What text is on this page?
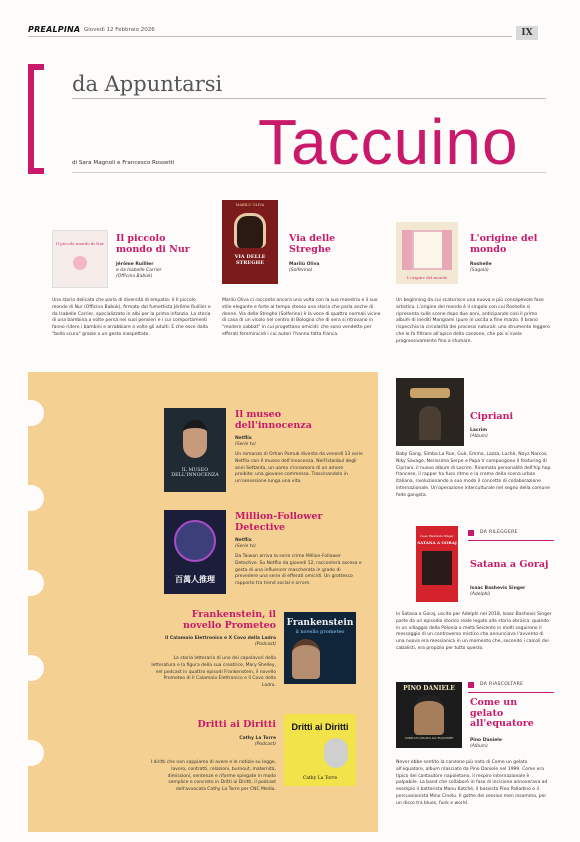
PREALPINA Giovedì 12 Febbraio 2026	IX
da Appuntarsi
di Sara Magnoli e Francesco Rossetti Taccuino
Il piccolo mondo di Nur	Il piccolo mondo di Nur
Jérôme Ruillier
e da Isabelle Carrier
(Officina Babùk)
Una storia delicata che parla di diversità di empatia: è Il piccolo mondo di Nur (Officina Babùk), firmato dal fumettista Jérôme Ruillier e da Isabelle Carrier, specializzato in albi per la prima infanzia. La storia di una bambina a volte persa nei suoi pensieri e i cui comportamenti fanno ridere i bambini e arrabbiare a volte gli adulti. E che esce dalla "bolla scura" grazie a un gesto inaspettato.
MARILÙ OLIVA
VIA DELLE STREGHE
Via delle Streghe
Marilù Oliva
(Solferino)
Marilù Oliva ci racconta ancora una volta con la sua maestria e il suo stile elegante e forte al tempo stesso una storia che parla anche di donne. Via delle Streghe (Solferino) è la voce di quattro normali vicine di casa di un vicolo nel centro di Bologna che di sera si ritrovano in "modern sabbat" in cui progettano omicidi: che sono vendette per efferati femminicidi i cui autori l'hanno fatta franca.
L'origine del mondo
L'origine del mondo
Roshelle
(Sagola)
Un beginning da cui scaturisce una nuova e più consapevole fase artistica. L'origine del mondo è il singolo con cui Roshelle si ripresenta sulle scene dopo due anni, anticipando così il primo album di inediti Mangiami (pure in uscita a fine marzo. Il brano rispecchia la circolarità dei processi naturali: uno strumento leggero che lo fa filtrare all'apice della canzone, che poi si svela progressivamente fino a sfumare.
IL MUSEO DELL'INNOCENZA
Il museo dell'innocenza
Netflix
(Serie tv)
Un romanzo di Orhan Pamuk diventa da venerdì 13 serie Netflix con Il museo dell'innocenza. Nell'Istanbul degli anni Settanta, un uomo s'innamora di un amore proibito: una giovane commessa. Trascinandolo in un'ossessione lunga una vita.
百萬人推理
Million-Follower Detective
Netflix
(Serie tv)
Da Taiwan arriva la serie crime Million-Follower Detective. Su Netflix da giovedì 12, racconterà ascesa e gesta di una influencer mascherata in grado di prevedere una serie di efferati omicidi. Un grottesco rapporto tra trend social e orrore.
Frankenstein, il novello Prometeo
Il Calamaio Elettronico e X Covo della Ladra
(Podcast)
La storia letteraria di uno dei capolavori della letteratura e la figura della sua creatrice, Mary Shelley, nel podcast in quattro episodi Frankenstein, il novello Prometeo di Il Calamaio Elettronico e Il Covo della Ladra.
Frankenstein
il novello prometeo
Dritti ai Diritti
Cathy La Torre
(Podcast)
I diritti che non sappiamo di avere e le notizie su legge, lavoro, contratti, relazioni, burnout, maternità, dimissioni, sentenze e riforme spiegate in modo semplice e concreto in Dritti ai Diritti, il podcast dell'avvocata Cathy La Torre per CNC Media.
Dritti ai Diritti
Cathy La Torre
Cipriani
Lacrim
(Album)
Baby Gang, Simba La Rue, Guè, Emma, Lazza, Luchè, Noyz Narcos, Niky Savage, Nerissima Serpe e Papa V compongono il featuring di Cipriani, il nuovo album di Lacrim. Rinomata personalità dell'hip hop francese, il rapper ha fuso ritmo e la crema della scena urban italiana, rivoluzionando a suo modo il concetto di collaborazione internazionale. Un'operazione interculturale nel segno della comune fede gangsta.
DA RILEGGERE
Isaac Bashevis Singer
SATANA A GORAJ
Satana a Goraj
Isaac Bashevis Singer
(Adelphi)
In Satana a Goraj, uscito per Adelphi nel 2018, Isaac Bashevis Singer parte da un episodio storico reale legato alla storia ebraica: quando in un villaggio della Polonia a metà Seicento in molti seguirono il messaggio di un controverso mistico che annunciava l'avvento di una nuova era messianica in un momento che, secondo i calcoli dei cabalisti, era propizio per tutto questo.
DA RIASCOLTARE
PINO DANIELE
COME UN GELATO ALL'EQUATORE
Come un gelato all'equatore
Pino Daniele
(Album)
Never ebbe sentito la canzone più nota di Come un gelato all'equatore, album rilasciato da Pino Daniele nel 1999. Come era tipico del cantautore napoletano, il respiro internazionale è palpabile. La band che collaborò in fase di incisione annoverava ad esempio il batterista Manu Katché, il bassista Pino Palladino e il percussionista Mino Cinelu. Il gothe dei session men insomma, per un disco tra blues, funk e world.
